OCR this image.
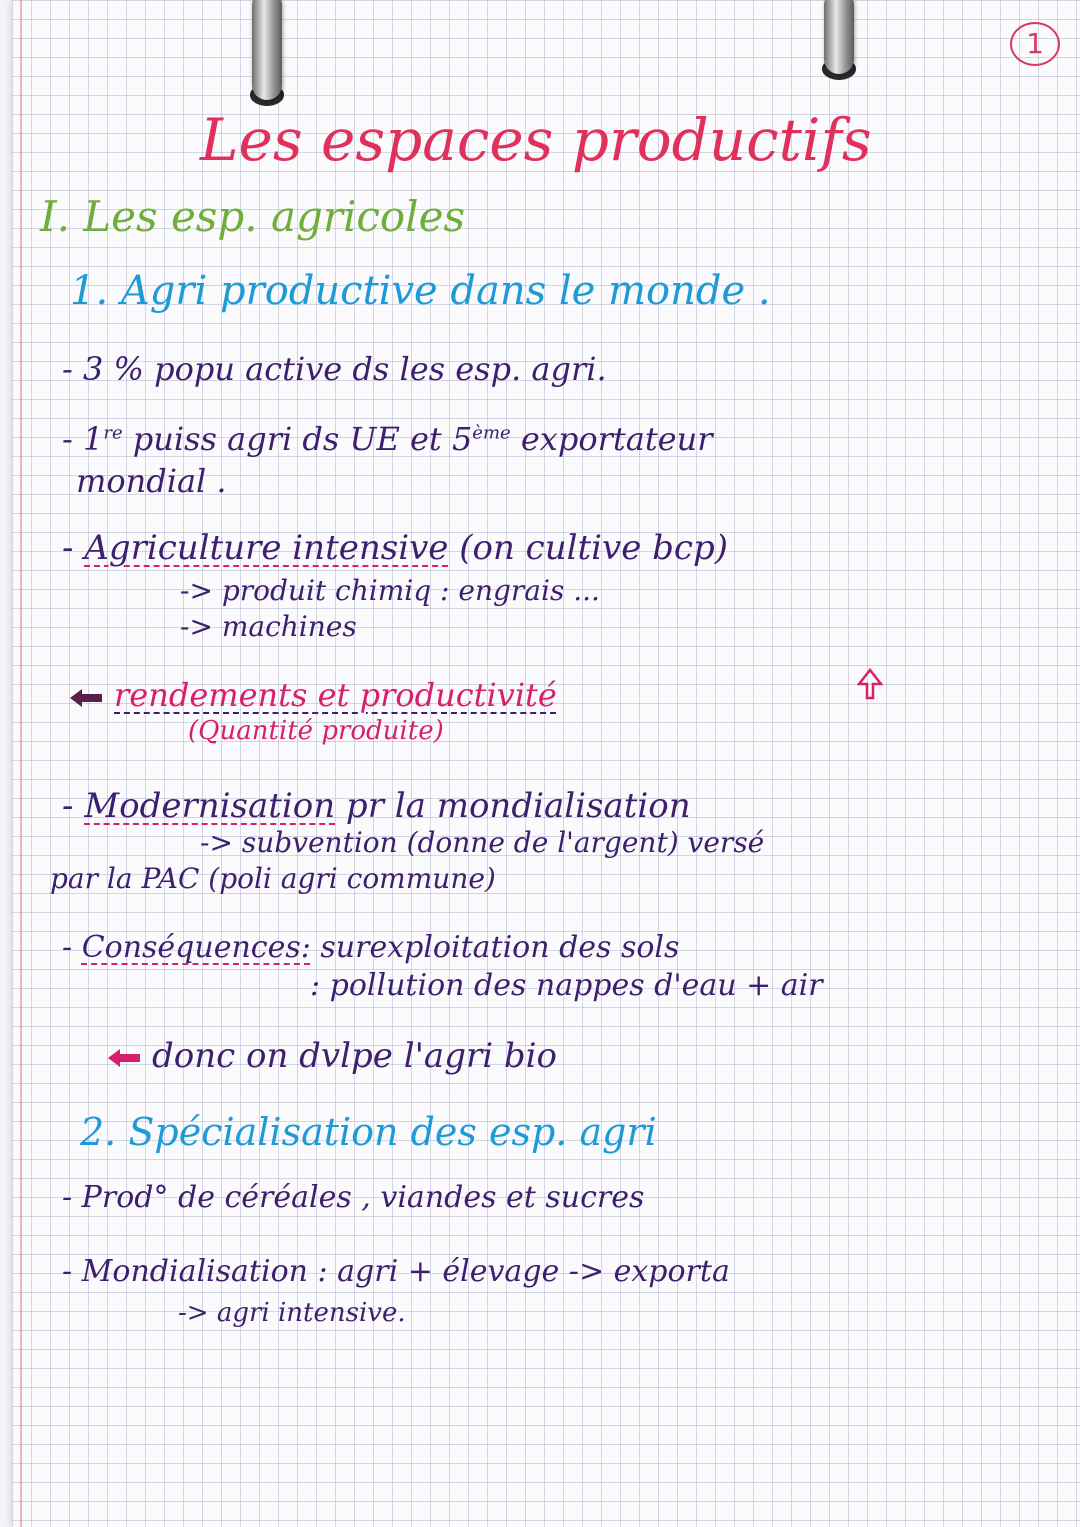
1
Les espaces productifs
I. Les esp. agricoles
1. Agri productive dans le monde .
- 3 % popu active ds les esp. agri.
- 1re puiss agri ds UE et 5ème exportateur
mondial .
- Agriculture intensive (on cultive bcp)
-> produit chimiq : engrais ...
-> machines
rendements et productivité
(Quantité produite)
- Modernisation pr la mondialisation
-> subvention (donne de l'argent) versé
par la PAC (poli agri commune)
- Conséquences: surexploitation des sols
: pollution des nappes d'eau + air
donc on dvlpe l'agri bio
2. Spécialisation des esp. agri
- Prod° de céréales , viandes et sucres
- Mondialisation : agri + élevage -> exporta
-> agri intensive.
